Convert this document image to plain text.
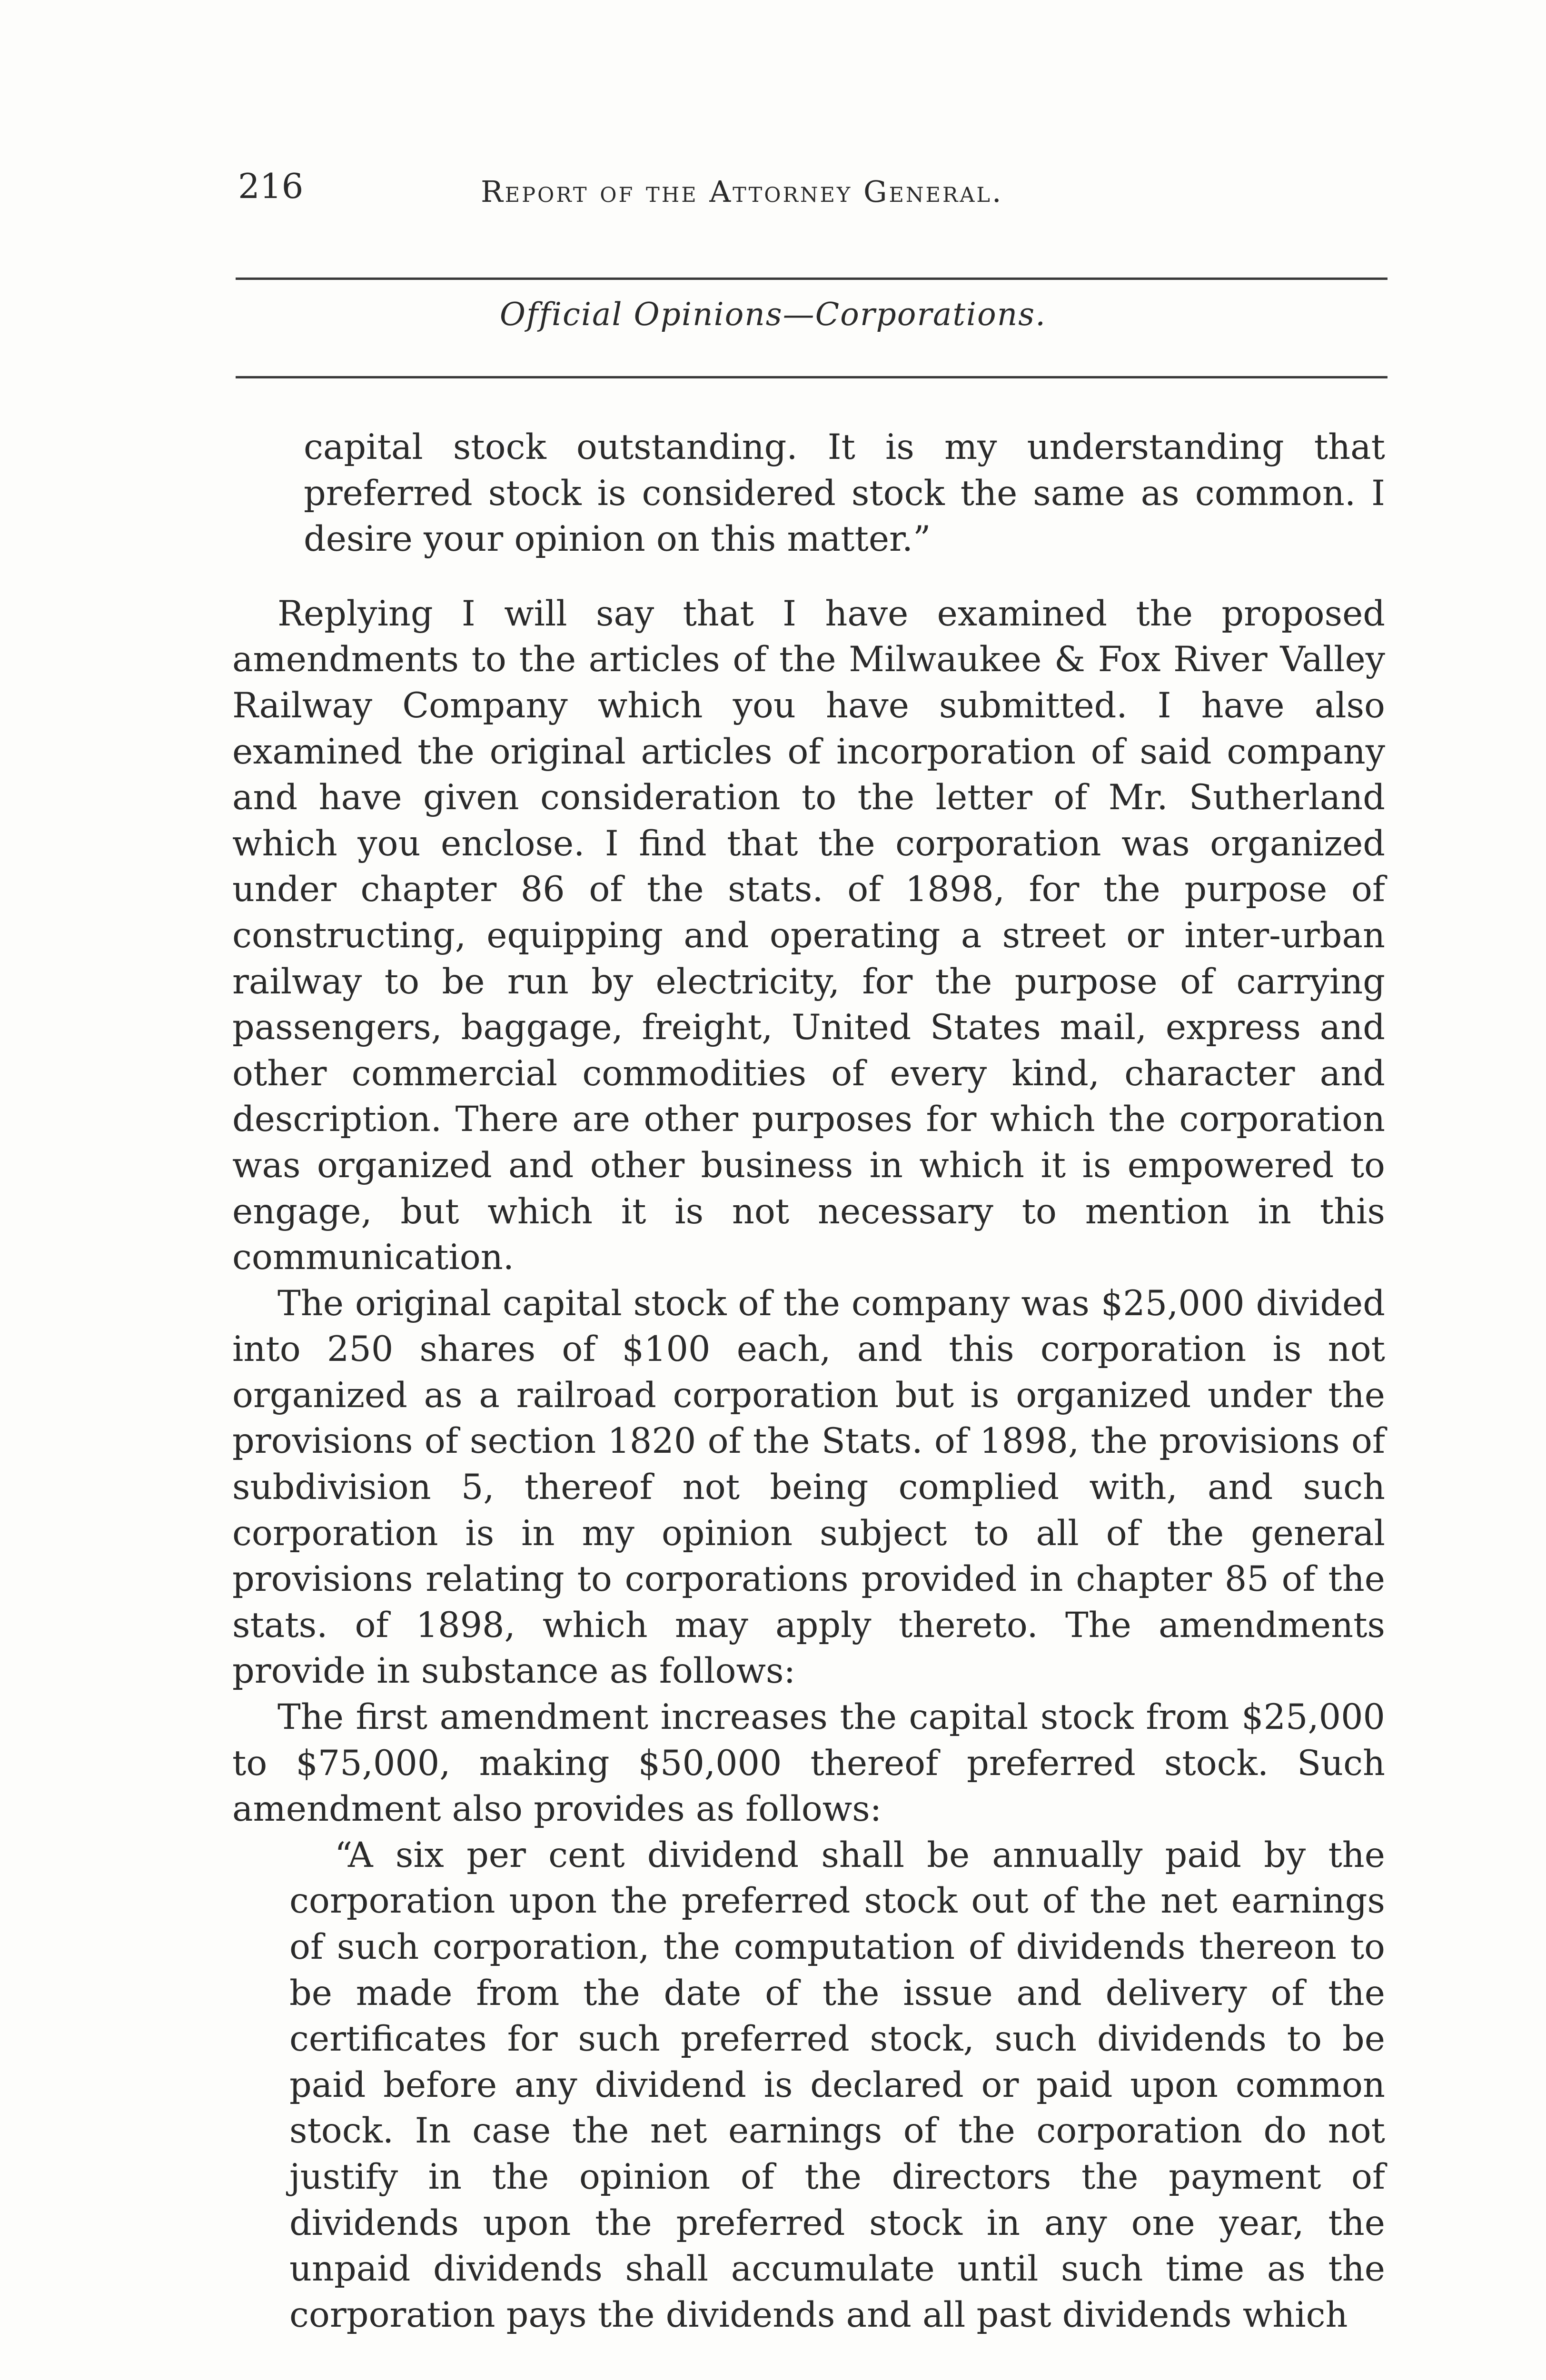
216	Report of the Attorney General.
Official Opinions—Corporations.

capital stock outstanding. It is my understanding that preferred stock is considered stock the same as common. I desire your opinion on this matter.”

Replying I will say that I have examined the proposed amendments to the articles of the Milwaukee & Fox River Valley Railway Company which you have submitted. I have also examined the original articles of incorporation of said company and have given consideration to the letter of Mr. Sutherland which you enclose. I find that the corporation was organized under chapter 86 of the stats. of 1898, for the purpose of constructing, equipping and operating a street or inter-urban railway to be run by electricity, for the purpose of carrying passengers, baggage, freight, United States mail, express and other commercial commodities of every kind, character and description. There are other purposes for which the corporation was organized and other business in which it is empowered to engage, but which it is not necessary to mention in this communication.

The original capital stock of the company was $25,000 divided into 250 shares of $100 each, and this corporation is not organized as a railroad corporation but is organized under the provisions of section 1820 of the Stats. of 1898, the provisions of subdivision 5, thereof not being complied with, and such corporation is in my opinion subject to all of the general provisions relating to corporations provided in chapter 85 of the stats. of 1898, which may apply thereto. The amendments provide in substance as follows:

The first amendment increases the capital stock from $25,000 to $75,000, making $50,000 thereof preferred stock. Such amendment also provides as follows:

“A six per cent dividend shall be annually paid by the corporation upon the preferred stock out of the net earnings of such corporation, the computation of dividends thereon to be made from the date of the issue and delivery of the certificates for such preferred stock, such dividends to be paid before any dividend is declared or paid upon common stock. In case the net earnings of the corporation do not justify in the opinion of the directors the payment of dividends upon the preferred stock in any one year, the unpaid dividends shall accumulate until such time as the corporation pays the dividends and all past dividends which
